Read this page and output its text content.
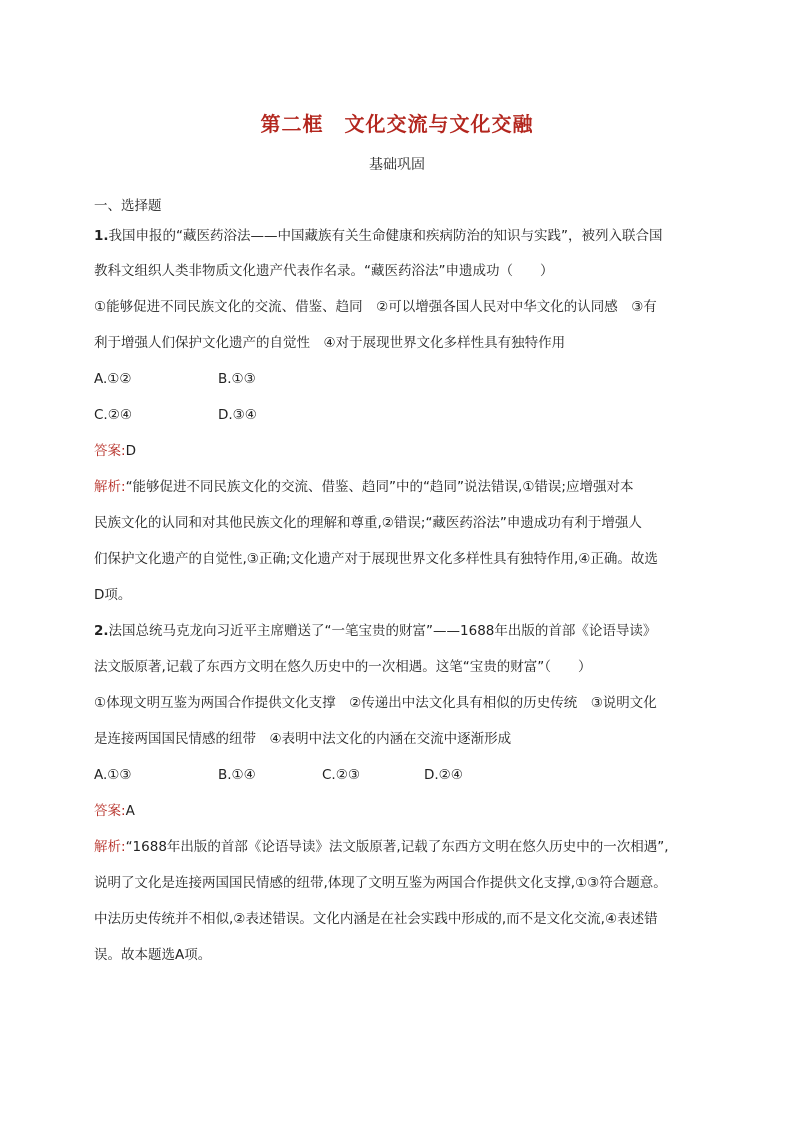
第二框　文化交流与文化交融
基础巩固
一、选择题
1.我国申报的“藏医药浴法——中国藏族有关生命健康和疾病防治的知识与实践”，被列入联合国
教科文组织人类非物质文化遗产代表作名录。“藏医药浴法”申遗成功（　　）
①能够促进不同民族文化的交流、借鉴、趋同　②可以增强各国人民对中华文化的认同感　③有
利于增强人们保护文化遗产的自觉性　④对于展现世界文化多样性具有独特作用
A.①②	B.①③
C.②④	D.③④
答案:D
解析:“能够促进不同民族文化的交流、借鉴、趋同”中的“趋同”说法错误,①错误;应增强对本
民族文化的认同和对其他民族文化的理解和尊重,②错误;“藏医药浴法”申遗成功有利于增强人
们保护文化遗产的自觉性,③正确;文化遗产对于展现世界文化多样性具有独特作用,④正确。故选
D项。
2.法国总统马克龙向习近平主席赠送了“一笔宝贵的财富”——1688年出版的首部《论语导读》
法文版原著,记载了东西方文明在悠久历史中的一次相遇。这笔“宝贵的财富”（　　）
①体现文明互鉴为两国合作提供文化支撑　②传递出中法文化具有相似的历史传统　③说明文化
是连接两国国民情感的纽带　④表明中法文化的内涵在交流中逐渐形成
A.①③	B.①④	C.②③	D.②④
答案:A
解析:“1688年出版的首部《论语导读》法文版原著,记载了东西方文明在悠久历史中的一次相遇”,
说明了文化是连接两国国民情感的纽带,体现了文明互鉴为两国合作提供文化支撑,①③符合题意。
中法历史传统并不相似,②表述错误。文化内涵是在社会实践中形成的,而不是文化交流,④表述错
误。故本题选A项。
